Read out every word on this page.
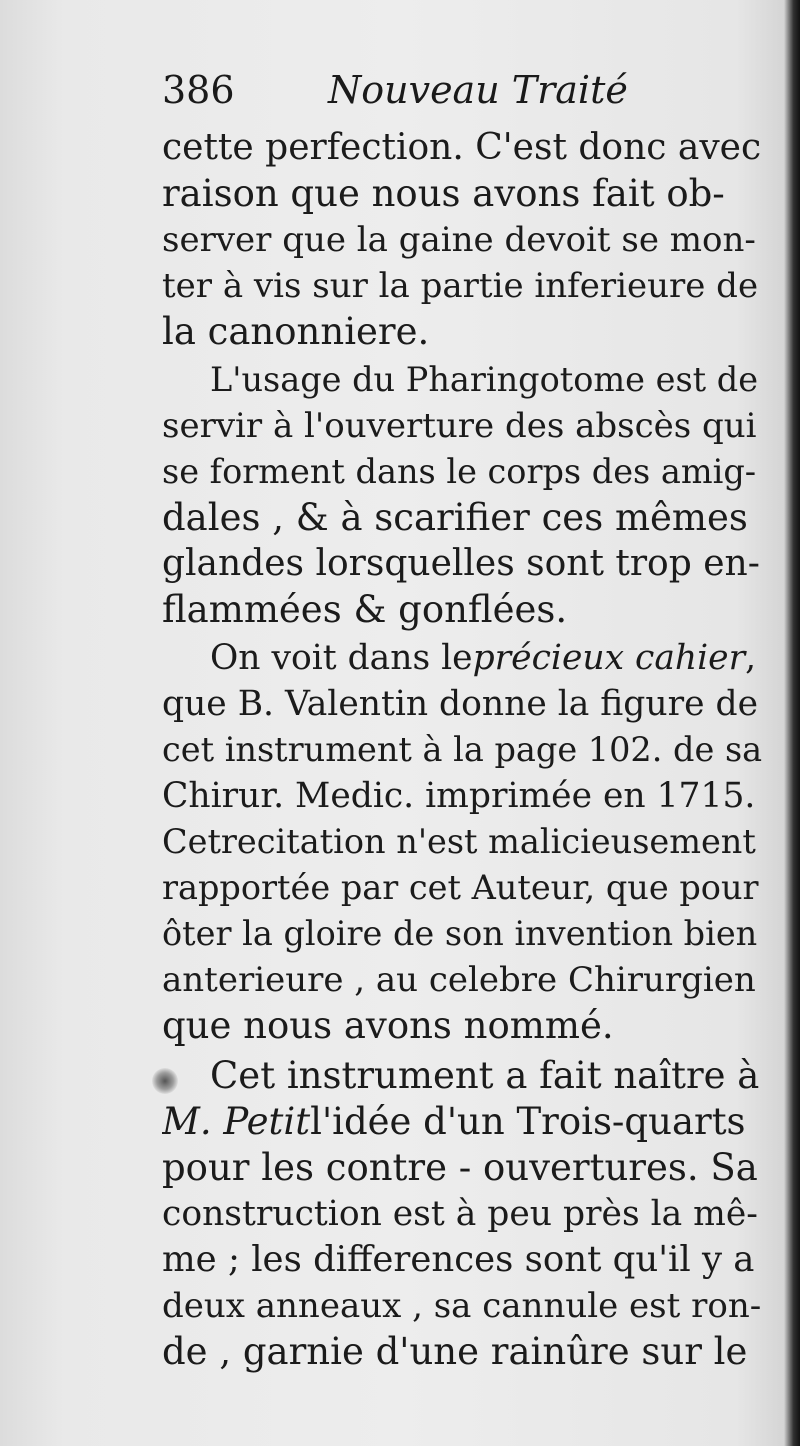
386 Nouveau Traité
cette perfection. C'est donc avec
raison que nous avons fait ob-
server que la gaine devoit se mon-
ter à vis sur la partie inferieure de
la canonniere.
L'usage du Pharingotome est de
servir à l'ouverture des abscès qui
se forment dans le corps des amig-
dales , & à scarifier ces mêmes
glandes lorsquelles sont trop en-
flammées & gonflées.
On voit dans le précieux cahier ,
que B. Valentin donne la figure de
cet instrument à la page 102. de sa
Chirur. Medic. imprimée en 1715.
Cetrecitation n'est malicieusement
rapportée par cet Auteur, que pour
ôter la gloire de son invention bien
anterieure , au celebre Chirurgien
que nous avons nommé.
Cet instrument a fait naître à
M. Petit l'idée d'un Trois-quarts
pour les contre - ouvertures. Sa
construction est à peu près la mê-
me ; les differences sont qu'il y a
deux anneaux , sa cannule est ron-
de , garnie d'une rainûre sur le
